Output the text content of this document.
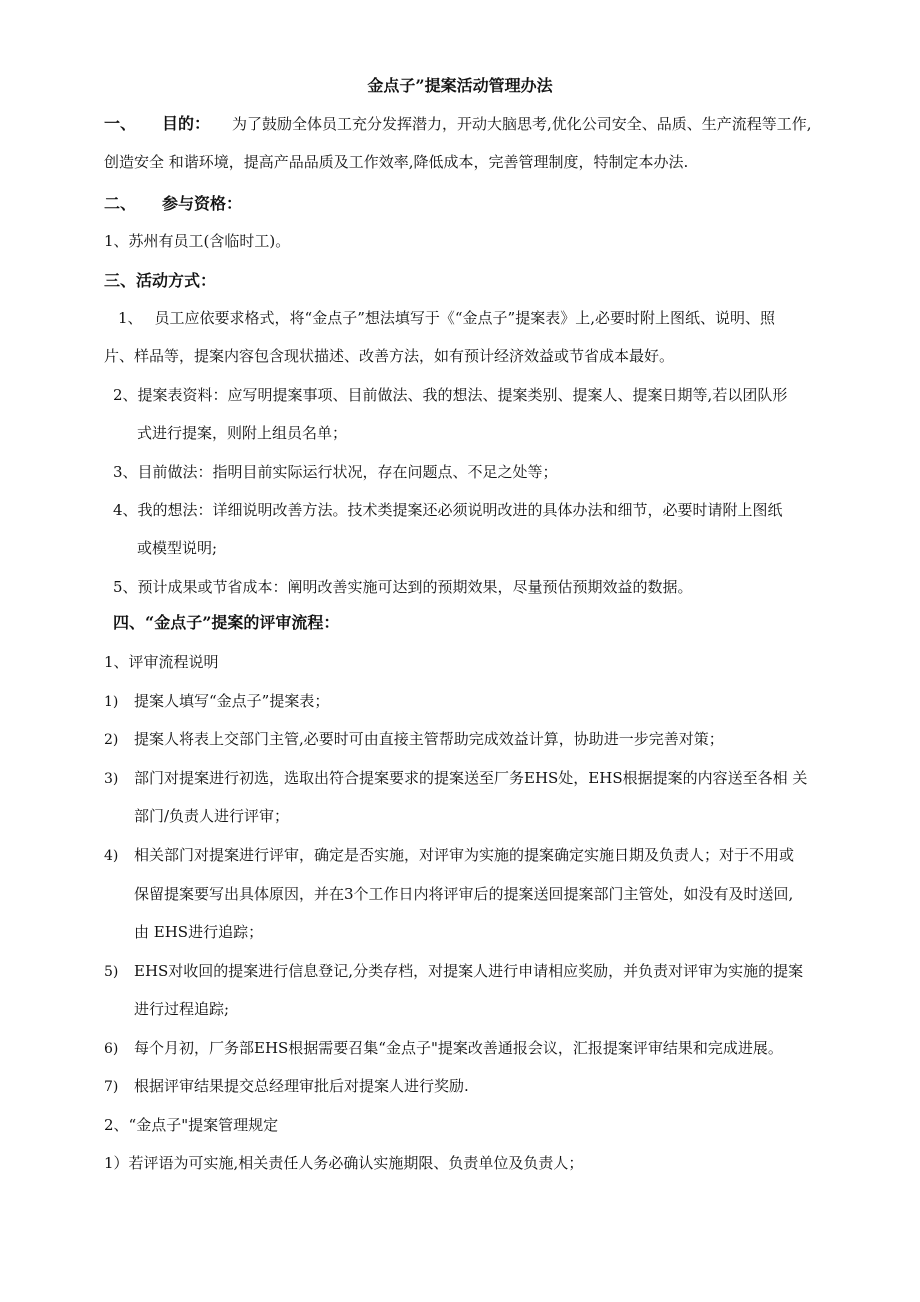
金点子”提案活动管理办法
一、 目的： 为了鼓励全体员工充分发挥潜力，开动大脑思考,优化公司安全、品质、生产流程等工作,
创造安全 和谐环境，提高产品品质及工作效率,降低成本，完善管理制度，特制定本办法.
二、 参与资格：
1、苏州有员工(含临时工)。
三、活动方式：
1、 员工应依要求格式，将“金点子”想法填写于《“金点子”提案表》上,必要时附上图纸、说明、照
片、样品等，提案内容包含现状描述、改善方法，如有预计经济效益或节省成本最好。
2、提案表资料：应写明提案事项、目前做法、我的想法、提案类别、提案人、提案日期等,若以团队形
式进行提案，则附上组员名单；
3、目前做法：指明目前实际运行状况，存在问题点、不足之处等；
4、我的想法：详细说明改善方法。技术类提案还必须说明改进的具体办法和细节，必要时请附上图纸
或模型说明;
5、预计成果或节省成本：阐明改善实施可达到的预期效果，尽量预估预期效益的数据。
四、“金点子”提案的评审流程：
1、评审流程说明
1) 提案人填写“金点子”提案表；
2) 提案人将表上交部门主管,必要时可由直接主管帮助完成效益计算，协助进一步完善对策；
3) 部门对提案进行初选，选取出符合提案要求的提案送至厂务EHS处，EHS根据提案的内容送至各相 关
部门/负责人进行评审；
4) 相关部门对提案进行评审，确定是否实施，对评审为实施的提案确定实施日期及负责人；对于不用或
保留提案要写出具体原因，并在3个工作日内将评审后的提案送回提案部门主管处，如没有及时送回,
由 EHS进行追踪；
5) EHS对收回的提案进行信息登记,分类存档，对提案人进行申请相应奖励，并负责对评审为实施的提案
进行过程追踪;
6) 每个月初，厂务部EHS根据需要召集“金点子"提案改善通报会议，汇报提案评审结果和完成进展。
7) 根据评审结果提交总经理审批后对提案人进行奖励.
2、“金点子"提案管理规定
1）若评语为可实施,相关责任人务必确认实施期限、负责单位及负责人；
